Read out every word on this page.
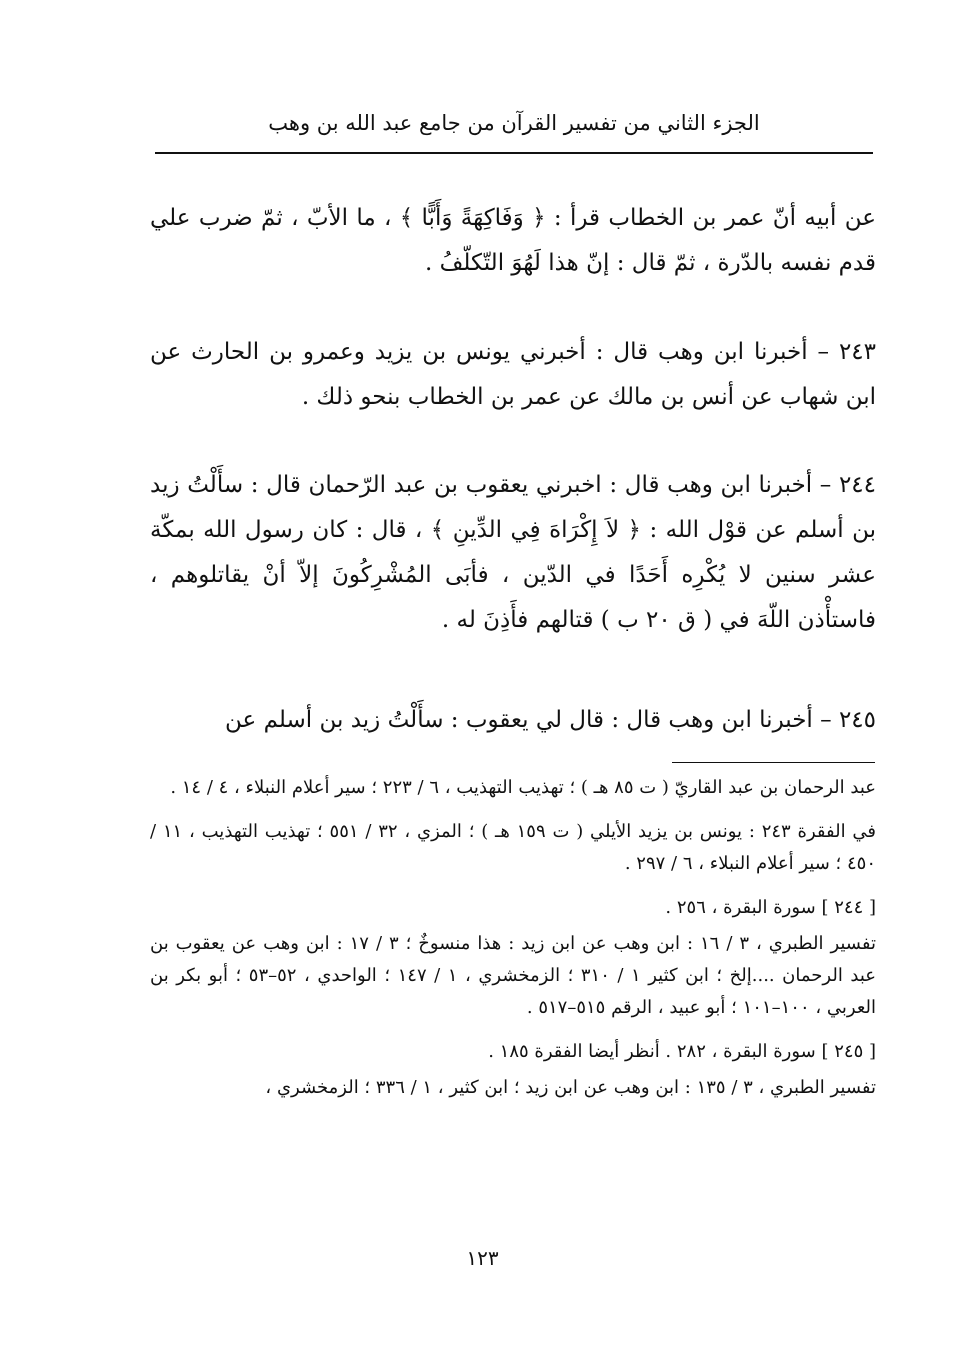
الجزء الثاني من تفسير القرآن من جامع عبد الله بن وهب

عن أبيه أنّ عمر بن الخطاب قرأ : ﴿ وَفَاكِهَةً وَأَبًّا ﴾ ، ما الأبّ ، ثمّ ضرب علي قدم نفسه بالدّرة ، ثمّ قال : إنّ هذا لَهُوَ التّكلّفُ .

٢٤٣ – أخبرنا ابن وهب قال : أخبرني يونس بن يزيد وعمرو بن الحارث عن ابن شهاب عن أنس بن مالك عن عمر بن الخطاب بنحو ذلك .

٢٤٤ – أخبرنا ابن وهب قال : اخبرني يعقوب بن عبد الرّحمان قال : سأَلْتُ زيد بن أسلم عن قوْل الله : ﴿ لاَ إِكْرَاهَ فِي الدِّينِ ﴾ ، قال : كان رسول الله بمكّة عشر سنين لا يُكْرِه أَحَدًا في الدّين ، فأبَى المُشْرِكُونَ إلاّ أنْ يقاتلوهم ، فاستأْذن اللّهَ في ( ق ٢٠ ب ) قتالهم فأَذِنَ له .

٢٤٥ – أخبرنا ابن وهب قال : قال لي يعقوب : سأَلْتُ زيد بن أسلم عن

عبد الرحمان بن عبد القاريّ ( ت ٨٥ هـ ) ؛ تهذيب التهذيب ، ٦ / ٢٢٣ ؛ سير أعلام النبلاء ، ٤ / ١٤ .

في الفقرة ٢٤٣ : يونس بن يزيد الأيلي ( ت ١٥٩ هـ ) ؛ المزي ، ٣٢ / ٥٥١ ؛ تهذيب التهذيب ، ١١ / ٤٥٠ ؛ سير أعلام النبلاء ، ٦ / ٢٩٧ .

[ ٢٤٤ ] سورة البقرة ، ٢٥٦ .

تفسير الطبري ، ٣ / ١٦ : ابن وهب عن ابن زيد : هذا منسوخٌ ؛ ٣ / ١٧ : ابن وهب عن يعقوب بن عبد الرحمان ....إلخ ؛ ابن كثير ١ / ٣١٠ ؛ الزمخشري ، ١ / ١٤٧ ؛ الواحدي ، ٥٢–٥٣ ؛ أبو بكر بن العربي ، ١٠٠–١٠١ ؛ أبو عبيد ، الرقم ٥١٥–٥١٧ .

[ ٢٤٥ ] سورة البقرة ، ٢٨٢ . أنظر أيضا الفقرة ١٨٥ .

تفسير الطبري ، ٣ / ١٣٥ : ابن وهب عن ابن زيد ؛ ابن كثير ، ١ / ٣٣٦ ؛ الزمخشري ،

١٢٣
